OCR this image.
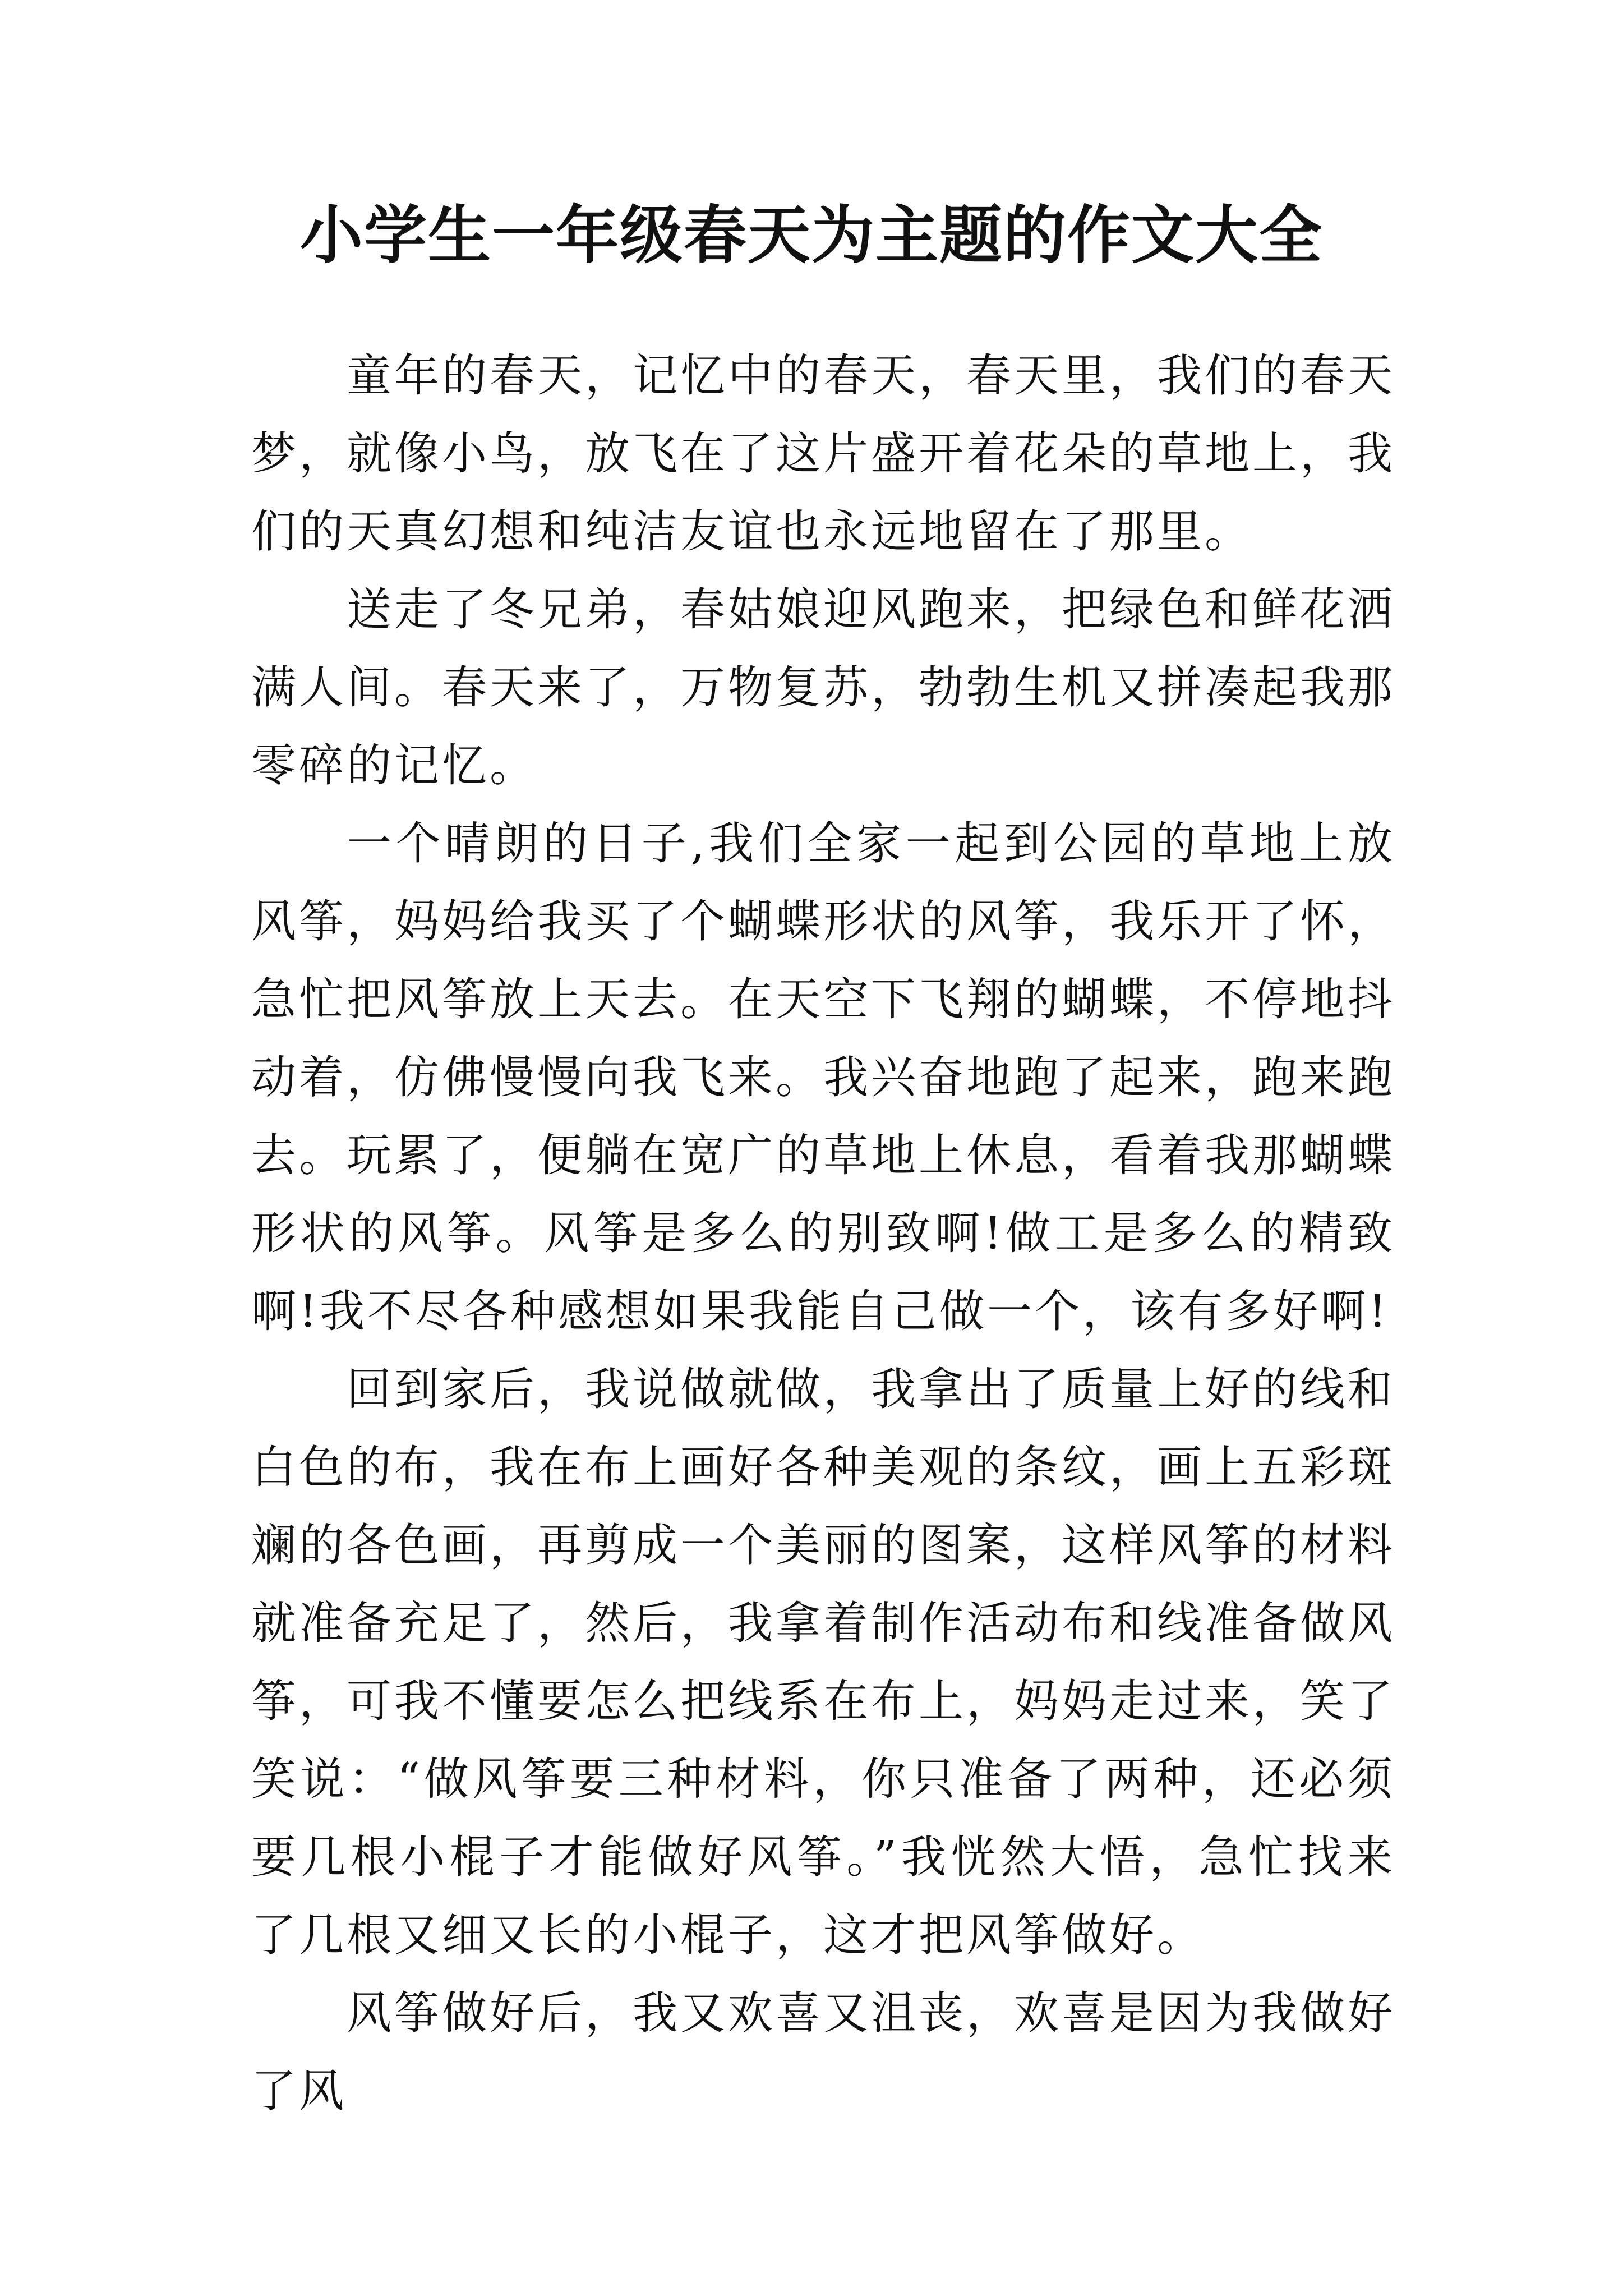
小学生一年级春天为主题的作文大全

童年的春天，记忆中的春天，春天里，我们的春天梦，就像小鸟，放飞在了这片盛开着花朵的草地上，我们的天真幻想和纯洁友谊也永远地留在了那里。

送走了冬兄弟，春姑娘迎风跑来，把绿色和鲜花洒满人间。春天来了，万物复苏，勃勃生机又拼凑起我那零碎的记忆。

一个晴朗的日子,我们全家一起到公园的草地上放风筝，妈妈给我买了个蝴蝶形状的风筝，我乐开了怀，急忙把风筝放上天去。在天空下飞翔的蝴蝶，不停地抖动着，仿佛慢慢向我飞来。我兴奋地跑了起来，跑来跑去。玩累了，便躺在宽广的草地上休息，看着我那蝴蝶形状的风筝。风筝是多么的别致啊!做工是多么的精致啊!我不尽各种感想如果我能自己做一个，该有多好啊!

回到家后，我说做就做，我拿出了质量上好的线和白色的布，我在布上画好各种美观的条纹，画上五彩斑斓的各色画，再剪成一个美丽的图案，这样风筝的材料就准备充足了，然后，我拿着制作活动布和线准备做风筝，可我不懂要怎么把线系在布上，妈妈走过来，笑了笑说：“做风筝要三种材料，你只准备了两种，还必须要几根小棍子才能做好风筝。”我恍然大悟，急忙找来了几根又细又长的小棍子，这才把风筝做好。

风筝做好后，我又欢喜又沮丧，欢喜是因为我做好了风
